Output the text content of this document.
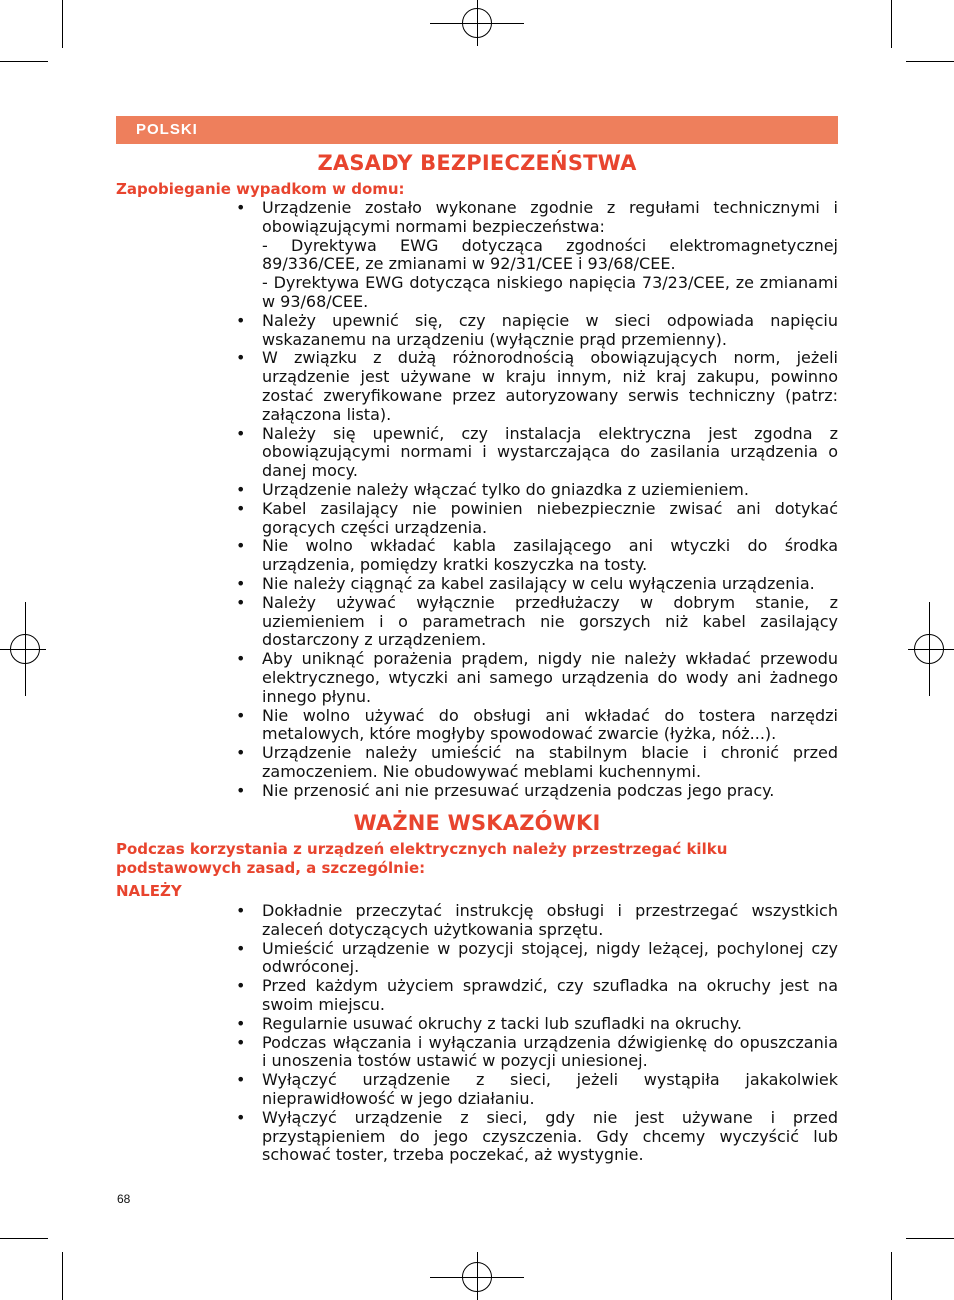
POLSKI
ZASADY BEZPIECZEŃSTWA
Zapobieganie wypadkom w domu:
• Urządzenie zostało wykonane zgodnie z regułami technicznymi i obowiązującymi normami bezpieczeństwa:
- Dyrektywa EWG dotycząca zgodności elektromagnetycznej 89/336/CEE, ze zmianami w 92/31/CEE i 93/68/CEE.
- Dyrektywa EWG dotycząca niskiego napięcia 73/23/CEE, ze zmianami w 93/68/CEE.
• Należy upewnić się, czy napięcie w sieci odpowiada napięciu wskazanemu na urządzeniu (wyłącznie prąd przemienny).
• W związku z dużą różnorodnością obowiązujących norm, jeżeli urządzenie jest używane w kraju innym, niż kraj zakupu, powinno zostać zweryfikowane przez autoryzowany serwis techniczny (patrz: załączona lista).
• Należy się upewnić, czy instalacja elektryczna jest zgodna z obowiązującymi normami i wystarczająca do zasilania urządzenia o danej mocy.
• Urządzenie należy włączać tylko do gniazdka z uziemieniem.
• Kabel zasilający nie powinien niebezpiecznie zwisać ani dotykać gorących części urządzenia.
• Nie wolno wkładać kabla zasilającego ani wtyczki do środka urządzenia, pomiędzy kratki koszyczka na tosty.
• Nie należy ciągnąć za kabel zasilający w celu wyłączenia urządzenia.
• Należy używać wyłącznie przedłużaczy w dobrym stanie, z uziemieniem i o parametrach nie gorszych niż kabel zasilający dostarczony z urządzeniem.
• Aby uniknąć porażenia prądem, nigdy nie należy wkładać przewodu elektrycznego, wtyczki ani samego urządzenia do wody ani żadnego innego płynu.
• Nie wolno używać do obsługi ani wkładać do tostera narzędzi metalowych, które mogłyby spowodować zwarcie (łyżka, nóż...).
• Urządzenie należy umieścić na stabilnym blacie i chronić przed zamoczeniem. Nie obudowywać meblami kuchennymi.
• Nie przenosić ani nie przesuwać urządzenia podczas jego pracy.
WAŻNE WSKAZÓWKI
Podczas korzystania z urządzeń elektrycznych należy przestrzegać kilku podstawowych zasad, a szczególnie:
NALEŻY
• Dokładnie przeczytać instrukcję obsługi i przestrzegać wszystkich zaleceń dotyczących użytkowania sprzętu.
• Umieścić urządzenie w pozycji stojącej, nigdy leżącej, pochylonej czy odwróconej.
• Przed każdym użyciem sprawdzić, czy szufladka na okruchy jest na swoim miejscu.
• Regularnie usuwać okruchy z tacki lub szufladki na okruchy.
• Podczas włączania i wyłączania urządzenia dźwigienkę do opuszczania i unoszenia tostów ustawić w pozycji uniesionej.
• Wyłączyć urządzenie z sieci, jeżeli wystąpiła jakakolwiek nieprawidłowość w jego działaniu.
• Wyłączyć urządzenie z sieci, gdy nie jest używane i przed przystąpieniem do jego czyszczenia. Gdy chcemy wyczyścić lub schować toster, trzeba poczekać, aż wystygnie.
68
